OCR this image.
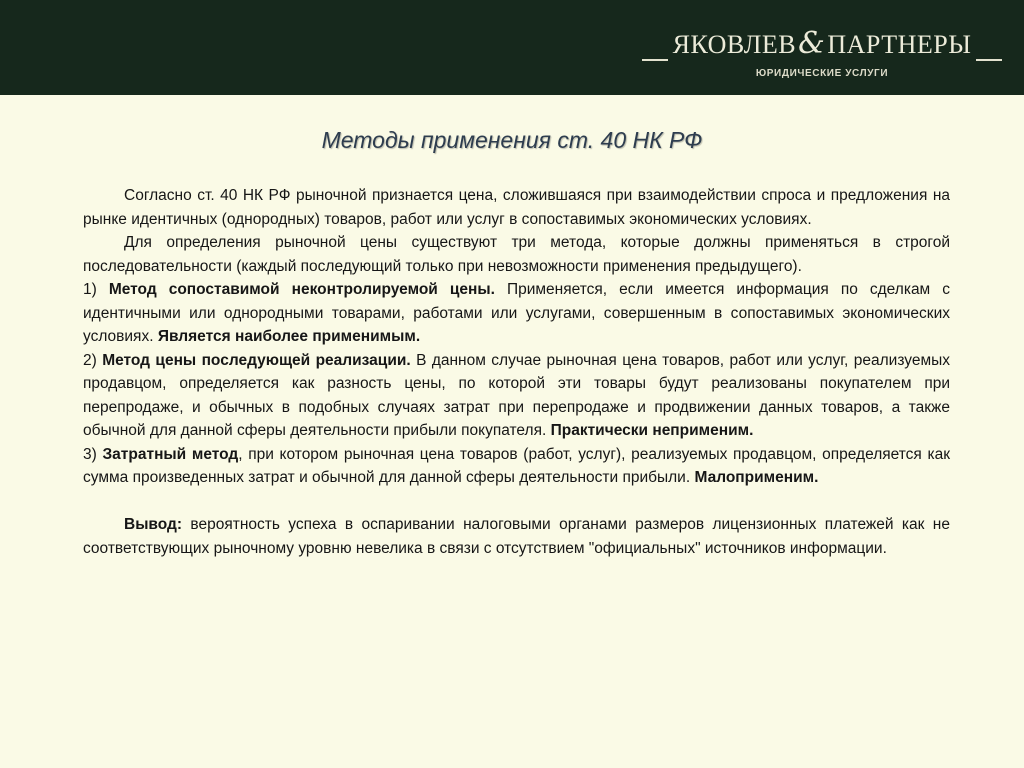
ЯКОВЛЕВ&ПАРТНЕРЫ
ЮРИДИЧЕСКИЕ УСЛУГИ
Методы применения ст. 40 НК РФ

Согласно ст. 40 НК РФ рыночной признается цена, сложившаяся при взаимодействии спроса и предложения на рынке идентичных (однородных) товаров, работ или услуг в сопоставимых экономических условиях.

Для определения рыночной цены существуют три метода, которые должны применяться в строгой последовательности (каждый последующий только при невозможности применения предыдущего).

1) Метод сопоставимой неконтролируемой цены. Применяется, если имеется информация по сделкам с идентичными или однородными товарами, работами или услугами, совершенным в сопоставимых экономических условиях. Является наиболее применимым.

2) Метод цены последующей реализации. В данном случае рыночная цена товаров, работ или услуг, реализуемых продавцом, определяется как разность цены, по которой эти товары будут реализованы покупателем при перепродаже, и обычных в подобных случаях затрат при перепродаже и продвижении данных товаров, а также обычной для данной сферы деятельности прибыли покупателя. Практически неприменим.

3) Затратный метод, при котором рыночная цена товаров (работ, услуг), реализуемых продавцом, определяется как сумма произведенных затрат и обычной для данной сферы деятельности прибыли. Малоприменим.

Вывод: вероятность успеха в оспаривании налоговыми органами размеров лицензионных платежей как не соответствующих рыночному уровню невелика в связи с отсутствием "официальных" источников информации.
